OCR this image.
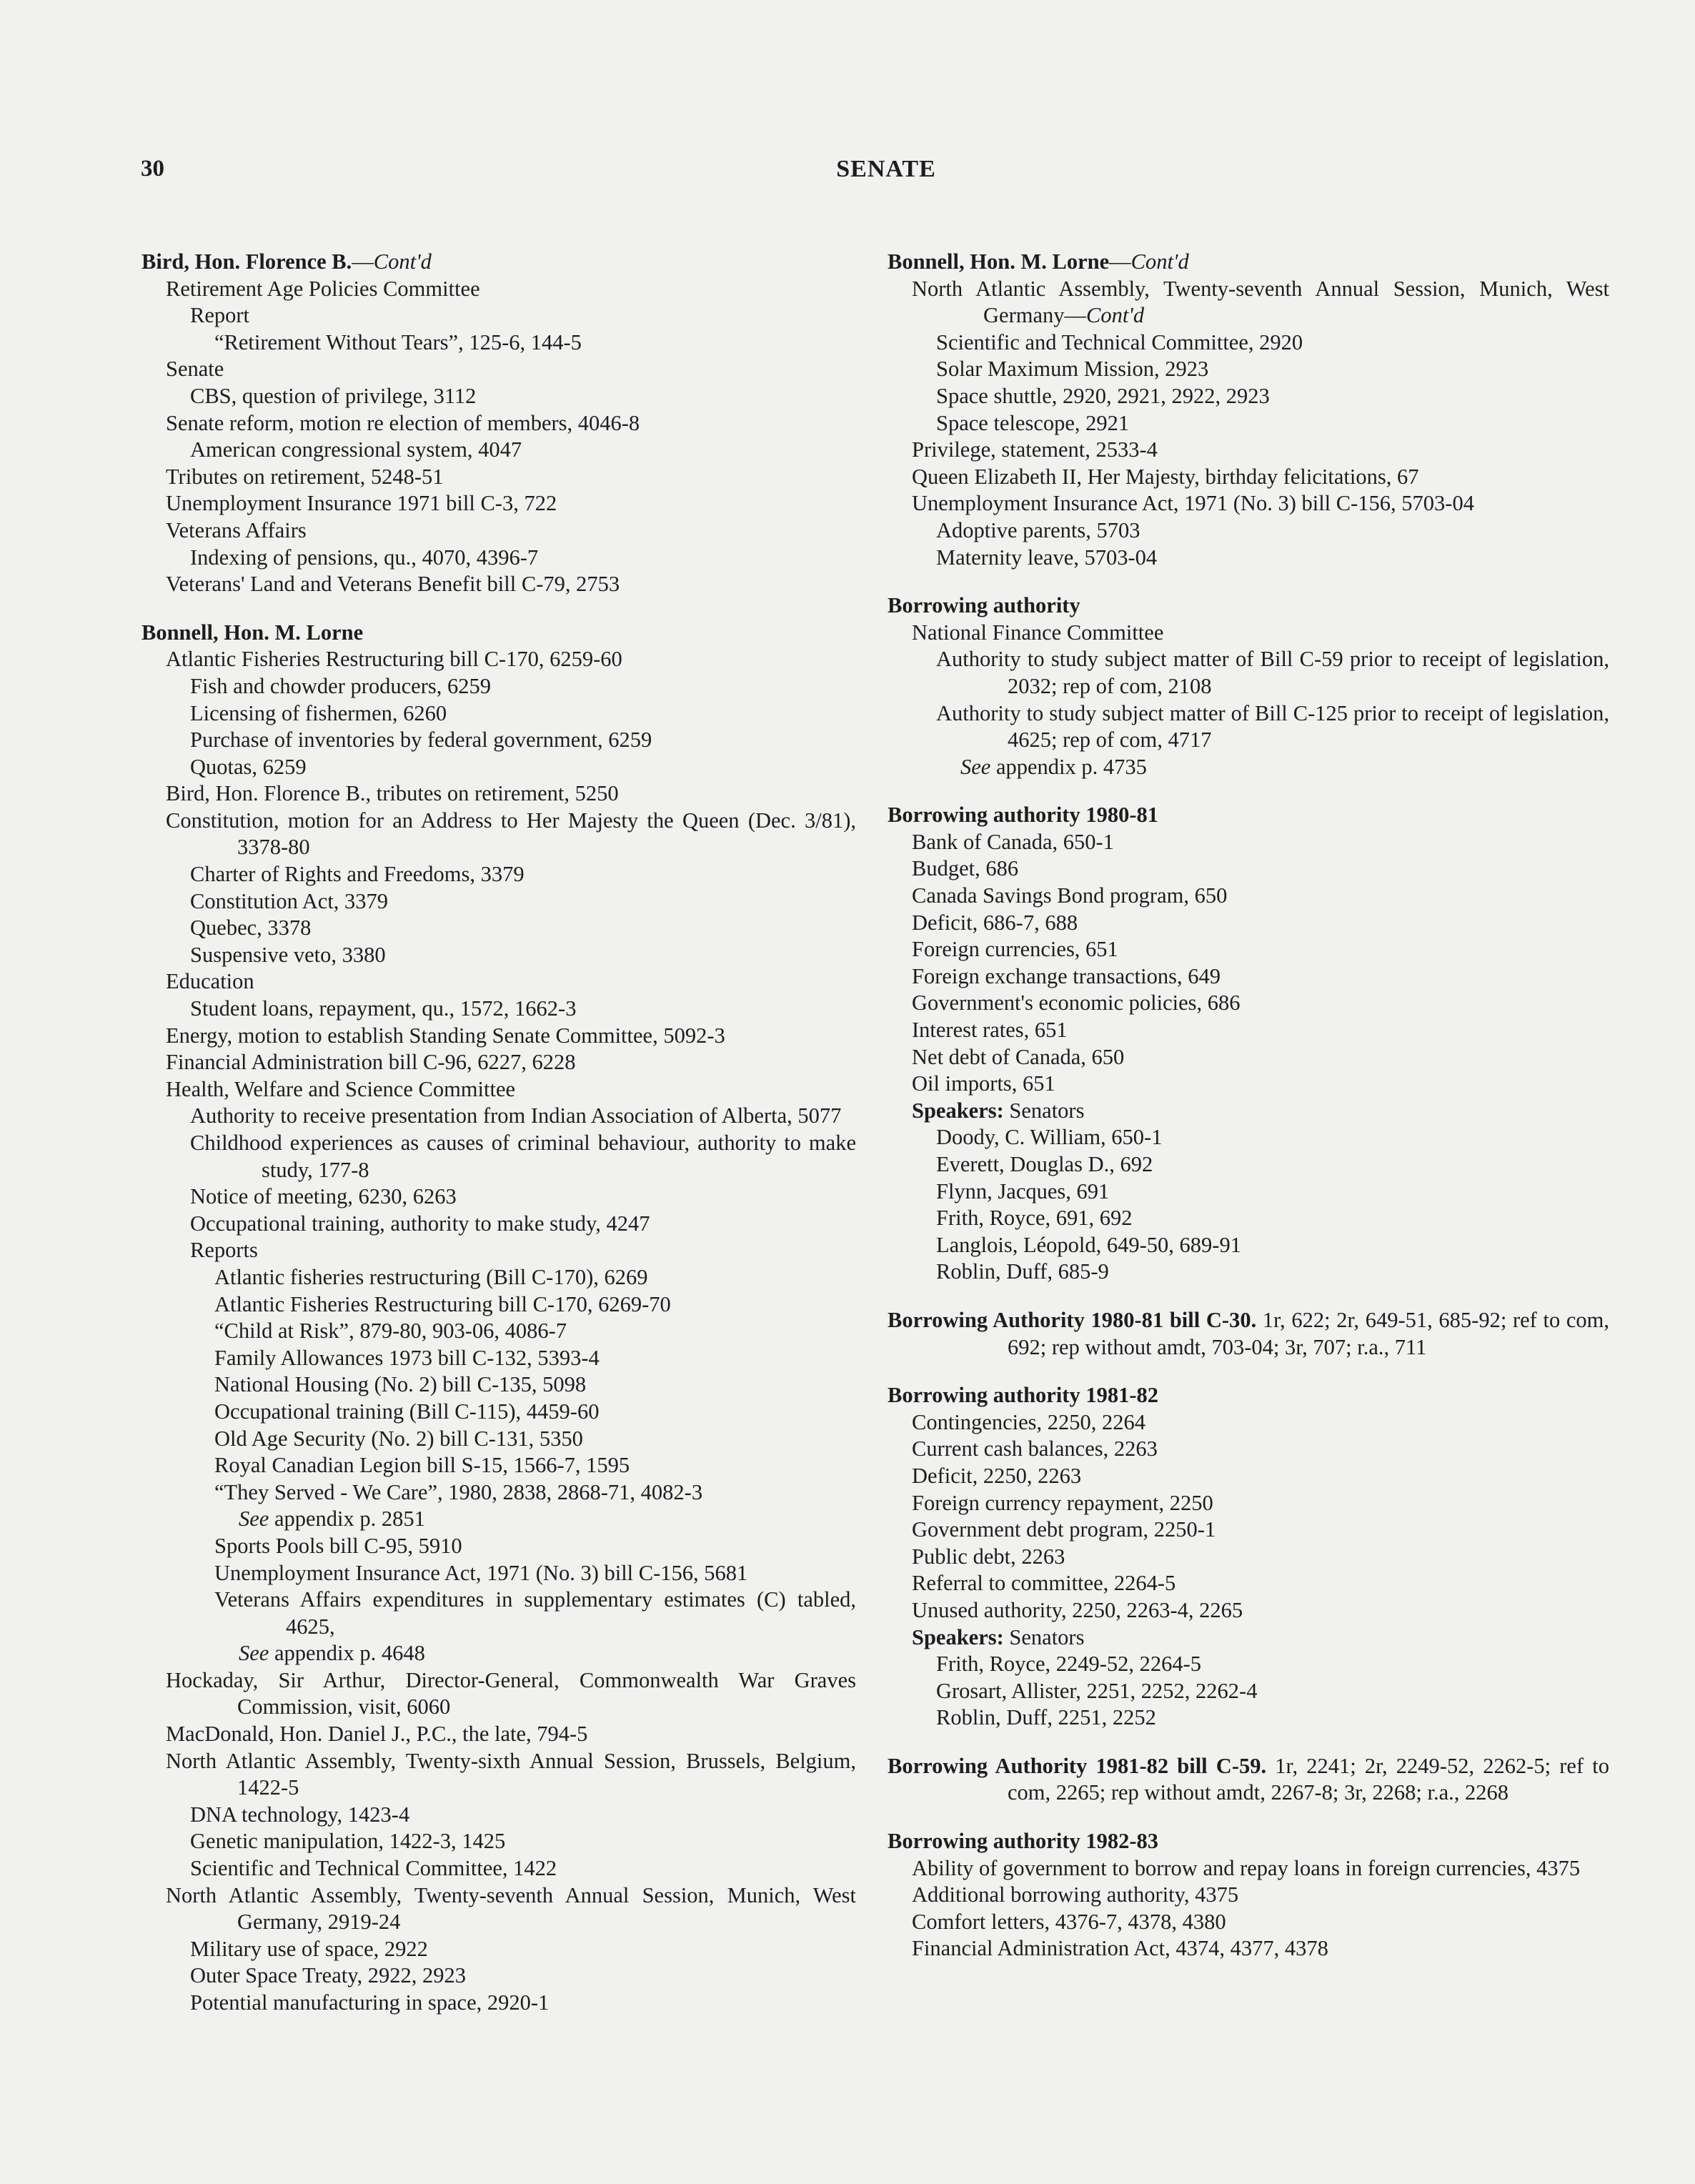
30	SENATE
Bird, Hon. Florence B.—Cont'd
Retirement Age Policies Committee
Report
“Retirement Without Tears”, 125-6, 144-5
Senate
CBS, question of privilege, 3112
Senate reform, motion re election of members, 4046-8
American congressional system, 4047
Tributes on retirement, 5248-51
Unemployment Insurance 1971 bill C-3, 722
Veterans Affairs
Indexing of pensions, qu., 4070, 4396-7
Veterans' Land and Veterans Benefit bill C-79, 2753
Bonnell, Hon. M. Lorne
Atlantic Fisheries Restructuring bill C-170, 6259-60
Fish and chowder producers, 6259
Licensing of fishermen, 6260
Purchase of inventories by federal government, 6259
Quotas, 6259
Bird, Hon. Florence B., tributes on retirement, 5250
Constitution, motion for an Address to Her Majesty the Queen (Dec. 3/81), 3378-80
Charter of Rights and Freedoms, 3379
Constitution Act, 3379
Quebec, 3378
Suspensive veto, 3380
Education
Student loans, repayment, qu., 1572, 1662-3
Energy, motion to establish Standing Senate Committee, 5092-3
Financial Administration bill C-96, 6227, 6228
Health, Welfare and Science Committee
Authority to receive presentation from Indian Association of Alberta, 5077
Childhood experiences as causes of criminal behaviour, authority to make study, 177-8
Notice of meeting, 6230, 6263
Occupational training, authority to make study, 4247
Reports
Atlantic fisheries restructuring (Bill C-170), 6269
Atlantic Fisheries Restructuring bill C-170, 6269-70
“Child at Risk”, 879-80, 903-06, 4086-7
Family Allowances 1973 bill C-132, 5393-4
National Housing (No. 2) bill C-135, 5098
Occupational training (Bill C-115), 4459-60
Old Age Security (No. 2) bill C-131, 5350
Royal Canadian Legion bill S-15, 1566-7, 1595
“They Served - We Care”, 1980, 2838, 2868-71, 4082-3
See appendix p. 2851
Sports Pools bill C-95, 5910
Unemployment Insurance Act, 1971 (No. 3) bill C-156, 5681
Veterans Affairs expenditures in supplementary estimates (C) tabled, 4625,
See appendix p. 4648
Hockaday, Sir Arthur, Director-General, Commonwealth War Graves Commission, visit, 6060
MacDonald, Hon. Daniel J., P.C., the late, 794-5
North Atlantic Assembly, Twenty-sixth Annual Session, Brussels, Belgium, 1422-5
DNA technology, 1423-4
Genetic manipulation, 1422-3, 1425
Scientific and Technical Committee, 1422
North Atlantic Assembly, Twenty-seventh Annual Session, Munich, West Germany, 2919-24
Military use of space, 2922
Outer Space Treaty, 2922, 2923
Potential manufacturing in space, 2920-1
Bonnell, Hon. M. Lorne—Cont'd
North Atlantic Assembly, Twenty-seventh Annual Session, Munich, West Germany—Cont'd
Scientific and Technical Committee, 2920
Solar Maximum Mission, 2923
Space shuttle, 2920, 2921, 2922, 2923
Space telescope, 2921
Privilege, statement, 2533-4
Queen Elizabeth II, Her Majesty, birthday felicitations, 67
Unemployment Insurance Act, 1971 (No. 3) bill C-156, 5703-04
Adoptive parents, 5703
Maternity leave, 5703-04
Borrowing authority
National Finance Committee
Authority to study subject matter of Bill C-59 prior to receipt of legislation, 2032; rep of com, 2108
Authority to study subject matter of Bill C-125 prior to receipt of legislation, 4625; rep of com, 4717
See appendix p. 4735
Borrowing authority 1980-81
Bank of Canada, 650-1
Budget, 686
Canada Savings Bond program, 650
Deficit, 686-7, 688
Foreign currencies, 651
Foreign exchange transactions, 649
Government's economic policies, 686
Interest rates, 651
Net debt of Canada, 650
Oil imports, 651
Speakers: Senators
Doody, C. William, 650-1
Everett, Douglas D., 692
Flynn, Jacques, 691
Frith, Royce, 691, 692
Langlois, Léopold, 649-50, 689-91
Roblin, Duff, 685-9
Borrowing Authority 1980-81 bill C-30. 1r, 622; 2r, 649-51, 685-92; ref to com, 692; rep without amdt, 703-04; 3r, 707; r.a., 711
Borrowing authority 1981-82
Contingencies, 2250, 2264
Current cash balances, 2263
Deficit, 2250, 2263
Foreign currency repayment, 2250
Government debt program, 2250-1
Public debt, 2263
Referral to committee, 2264-5
Unused authority, 2250, 2263-4, 2265
Speakers: Senators
Frith, Royce, 2249-52, 2264-5
Grosart, Allister, 2251, 2252, 2262-4
Roblin, Duff, 2251, 2252
Borrowing Authority 1981-82 bill C-59. 1r, 2241; 2r, 2249-52, 2262-5; ref to com, 2265; rep without amdt, 2267-8; 3r, 2268; r.a., 2268
Borrowing authority 1982-83
Ability of government to borrow and repay loans in foreign currencies, 4375
Additional borrowing authority, 4375
Comfort letters, 4376-7, 4378, 4380
Financial Administration Act, 4374, 4377, 4378
